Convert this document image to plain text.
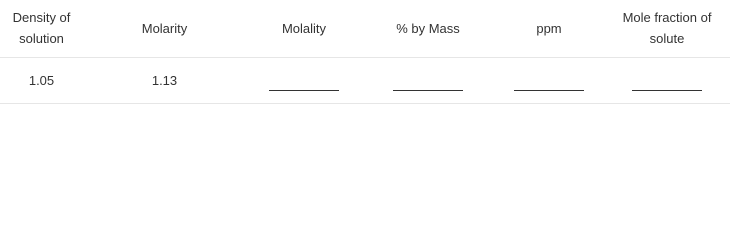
Density of solution	Molarity	Molality	% by Mass	ppm	Mole fraction of solute
1.05	1.13				
